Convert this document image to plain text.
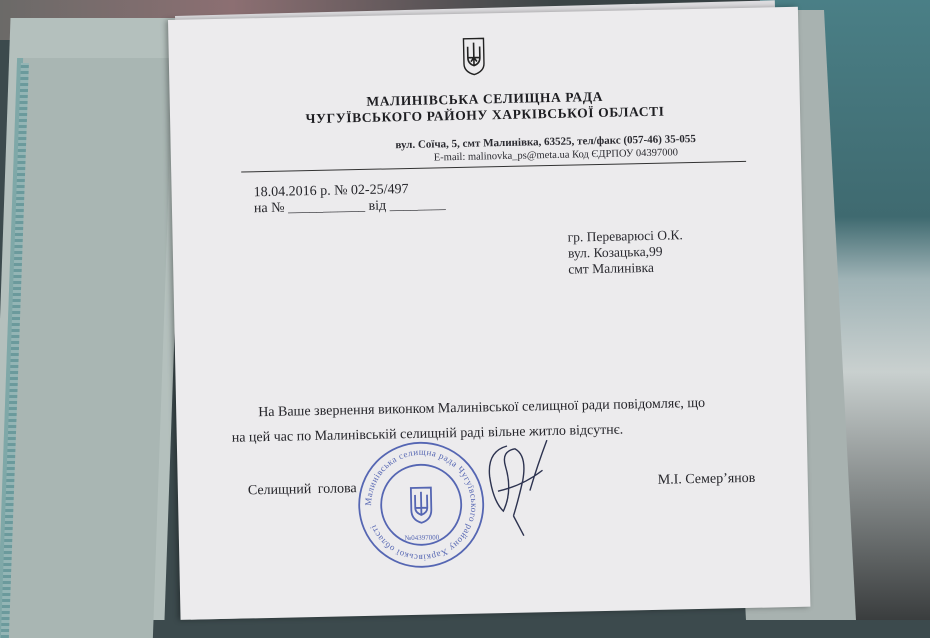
МАЛИНІВСЬКА СЕЛИЩНА РАДА
ЧУГУЇВСЬКОГО РАЙОНУ ХАРКІВСЬКОЇ ОБЛАСТІ
вул. Соїча, 5, смт Малинівка, 63525, тел/факс (057-46) 35-055
E-mail: malinovka_ps@meta.ua Код ЄДРПОУ 04397000
18.04.2016 р. № 02-25/497
на № ___________ від ________
гр. Переварюсі О.К.
вул. Козацька,99
смт Малинівка
На Ваше звернення виконком Малинівської селищної ради повідомляє, що
на цей час по Малинівській селищній раді вільне житло відсутнє.
Селищний голова
М.І. Семер’янов
Малинівська селищна рада Чугуївського району Харківської області
№04397000
